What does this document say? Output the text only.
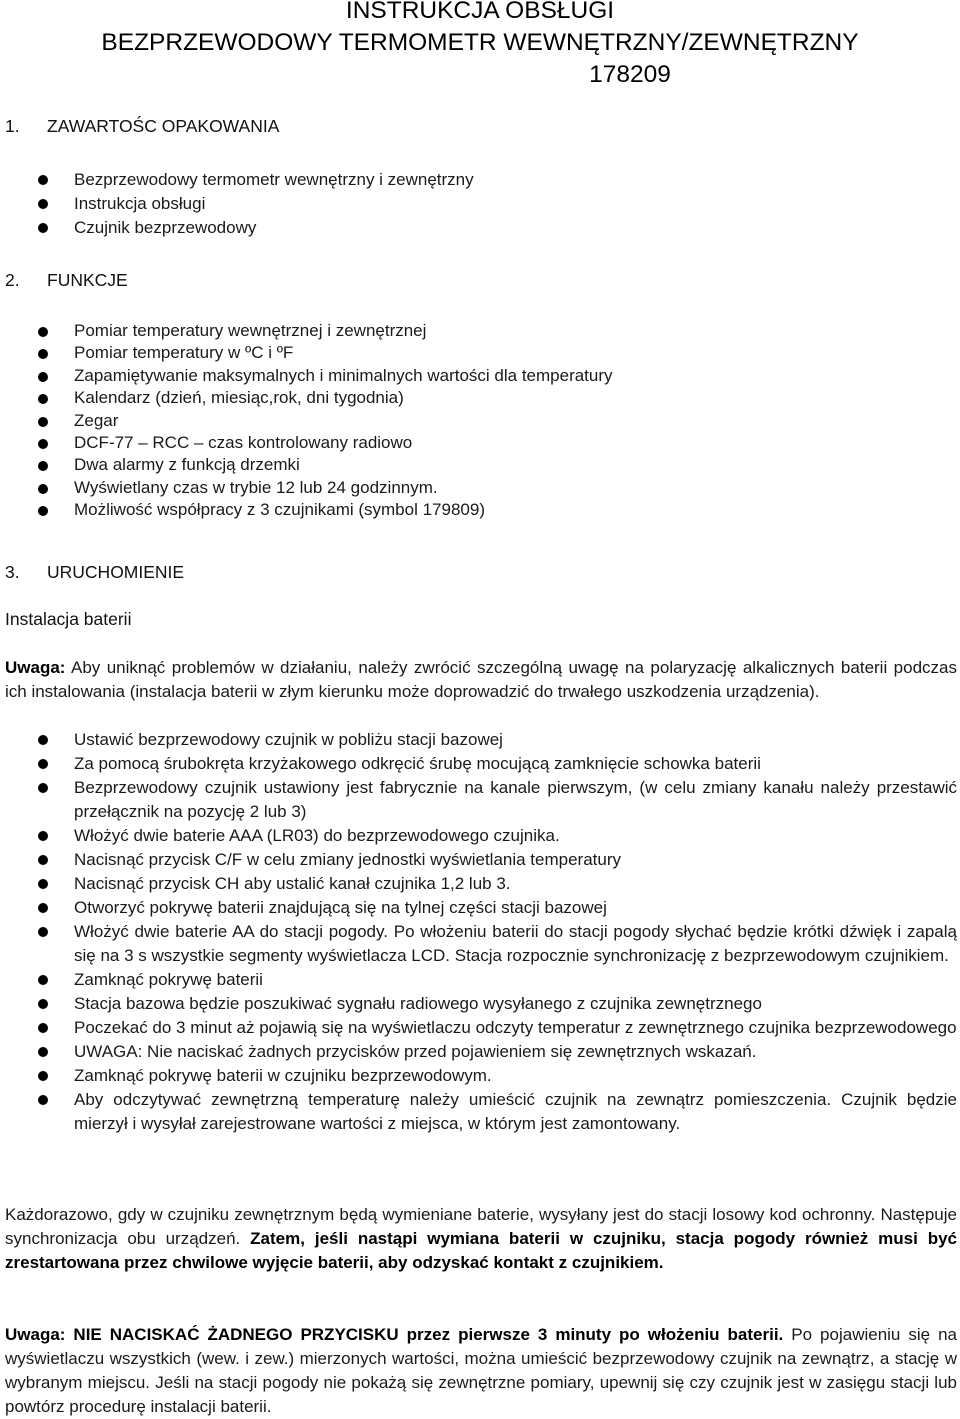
INSTRUKCJA OBSŁUGI
BEZPRZEWODOWY TERMOMETR WEWNĘTRZNY/ZEWNĘTRZNY
178209
1. ZAWARTOŚC OPAKOWANIA
Bezprzewodowy termometr wewnętrzny i zewnętrzny
Instrukcja obsługi
Czujnik bezprzewodowy
2. FUNKCJE
Pomiar temperatury wewnętrznej i zewnętrznej
Pomiar temperatury w ºC i ºF
Zapamiętywanie maksymalnych i minimalnych wartości dla temperatury
Kalendarz (dzień, miesiąc,rok, dni tygodnia)
Zegar
DCF-77 – RCC – czas kontrolowany radiowo
Dwa alarmy z funkcją drzemki
Wyświetlany czas w trybie 12 lub 24 godzinnym.
Możliwość współpracy z 3 czujnikami (symbol 179809)
3. URUCHOMIENIE
Instalacja baterii

Uwaga: Aby uniknąć problemów w działaniu, należy zwrócić szczególną uwagę na polaryzację alkalicznych baterii podczas ich instalowania (instalacja baterii w złym kierunku może doprowadzić do trwałego uszkodzenia urządzenia).

Ustawić bezprzewodowy czujnik w pobliżu stacji bazowej
Za pomocą śrubokręta krzyżakowego odkręcić śrubę mocującą zamknięcie schowka baterii
Bezprzewodowy czujnik ustawiony jest fabrycznie na kanale pierwszym, (w celu zmiany kanału należy przestawić przełącznik na pozycję 2 lub 3)
Włożyć dwie baterie AAA (LR03) do bezprzewodowego czujnika.
Nacisnąć przycisk C/F w celu zmiany jednostki wyświetlania temperatury
Nacisnąć przycisk CH aby ustalić kanał czujnika 1,2 lub 3.
Otworzyć pokrywę baterii znajdującą się na tylnej części stacji bazowej
Włożyć dwie baterie AA do stacji pogody. Po włożeniu baterii do stacji pogody słychać będzie krótki dźwięk i zapalą się na 3 s wszystkie segmenty wyświetlacza LCD. Stacja rozpocznie synchronizację z bezprzewodowym czujnikiem.
Zamknąć pokrywę baterii
Stacja bazowa będzie poszukiwać sygnału radiowego wysyłanego z czujnika zewnętrznego
Poczekać do 3 minut aż pojawią się na wyświetlaczu odczyty temperatur z zewnętrznego czujnika bezprzewodowego
UWAGA: Nie naciskać żadnych przycisków przed pojawieniem się zewnętrznych wskazań.
Zamknąć pokrywę baterii w czujniku bezprzewodowym.
Aby odczytywać zewnętrzną temperaturę należy umieścić czujnik na zewnątrz pomieszczenia. Czujnik będzie mierzył i wysyłał zarejestrowane wartości z miejsca, w którym jest zamontowany.

Każdorazowo, gdy w czujniku zewnętrznym będą wymieniane baterie, wysyłany jest do stacji losowy kod ochronny. Następuje synchronizacja obu urządzeń. Zatem, jeśli nastąpi wymiana baterii w czujniku, stacja pogody również musi być zrestartowana przez chwilowe wyjęcie baterii, aby odzyskać kontakt z czujnikiem.

Uwaga: NIE NACISKAĆ ŻADNEGO PRZYCISKU przez pierwsze 3 minuty po włożeniu baterii. Po pojawieniu się na wyświetlaczu wszystkich (wew. i zew.) mierzonych wartości, można umieścić bezprzewodowy czujnik na zewnątrz, a stację w wybranym miejscu. Jeśli na stacji pogody nie pokażą się zewnętrzne pomiary, upewnij się czy czujnik jest w zasięgu stacji lub powtórz procedurę instalacji baterii.
